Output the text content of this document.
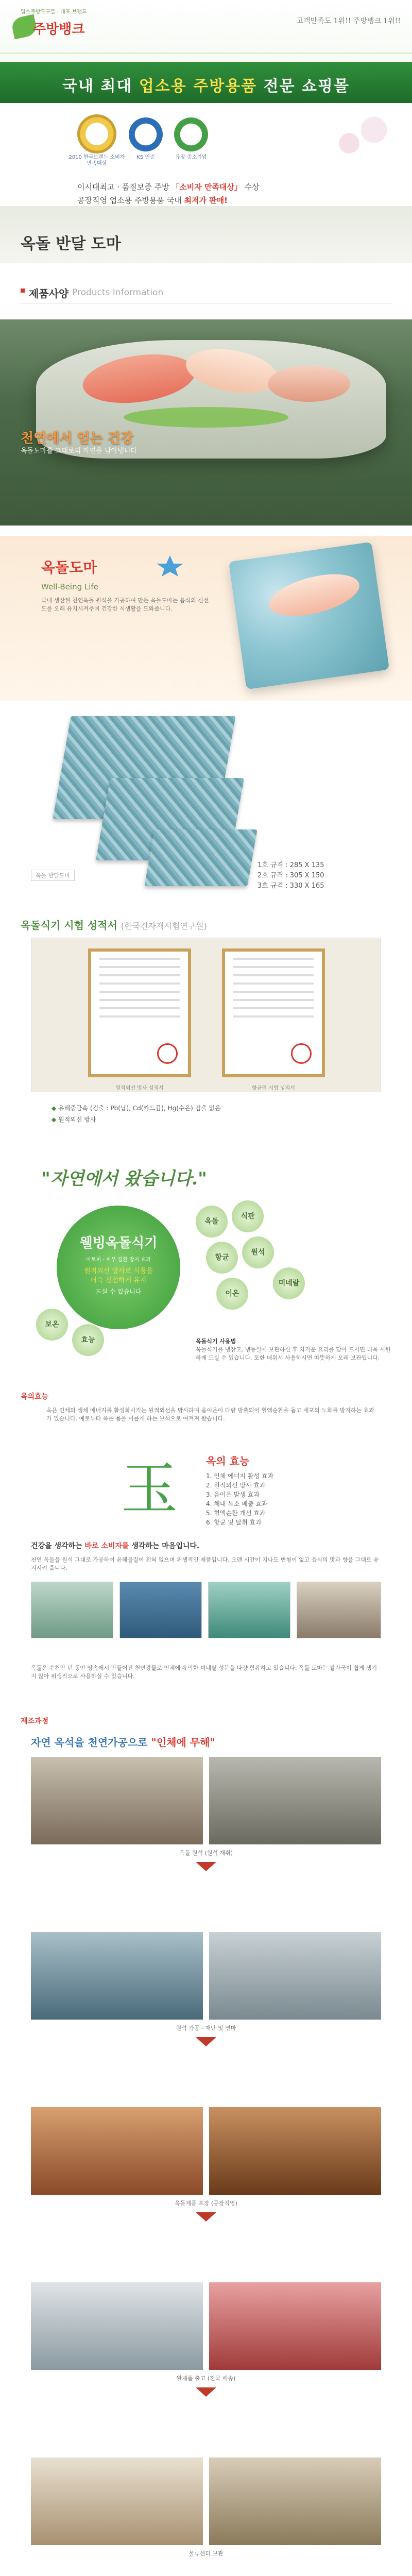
업소주방도구들 · 대표 브랜드
주방뱅크
고객만족도 1위!! 주방뱅크 1위!!
국내 최대 업소용 주방용품 전문 쇼핑몰
2010 한국브랜드 소비자만족대상
KS 인증	유망 중소기업
이시대최고 · 품질보증 주방 「소비자 만족대상」 수상
공장직영 업소용 주방용품 국내 최저가 판매!
옥돌 반달 도마
제품사양 Products Information
천연에서 얻는 건강
옥돌도마를 그대로의 자연을 담아냅니다
옥돌도마
Well-Being Life
국내 생산된 천연옥돌 원석을 가공하여 만든 옥돌도마는 음식의 신선도를 오래 유지시켜주며 건강한 식생활을 도와줍니다.
옥돌 반달도마
1호 규격 : 285 X 135
2호 규격 : 305 X 150
3호 규격 : 330 X 165
옥돌식기 시험 성적서 (한국건자재시험연구원)
원적외선 방사 성적서	항균력 시험 성적서
◆ 유해중금속 (검출 : Pb(납), Cd(카드뮴), Hg(수은) 검출 없음
◆ 원적외선 방사
"자연에서 왔습니다."
웰빙옥돌식기
아토피 · 피부 질환 방지 효과
원적외선 방사로 식품을
더욱 신선하게 유지
드실 수 있습니다
옥돌
식판
항균
원석
이온
보온
효능
미네랄
옥돌식기 사용법
옥돌식기를 냉장고, 냉동실에 보관하신 후 차가운 요리를 담아 드시면 더욱 시원하게 드실 수 있습니다. 또한 데워서 사용하시면 따뜻하게 오래 보관됩니다.
옥의효능
옥은 인체의 생체 에너지를 활성화시키는 원적외선을 방사하며 음이온이 다량 방출되어 혈액순환을 돕고 세포의 노화를 방지하는 효과가 있습니다. 예로부터 옥은 몸을 이롭게 하는 보석으로 여겨져 왔습니다.
玉	옥의 효능
1. 인체 에너지 활성 효과
2. 원적외선 방사 효과
3. 음이온 발생 효과
4. 체내 독소 배출 효과
5. 혈액순환 개선 효과
6. 항균 및 탈취 효과
건강을 생각하는 바로 소비자를 생각하는 마음입니다.
천연 옥돌을 원석 그대로 가공하여 유해물질이 전혀 없으며 위생적인 제품입니다. 오랜 시간이 지나도 변형이 없고 음식의 맛과 향을 그대로 유지시켜 줍니다.
옥돌은 수천만 년 동안 땅속에서 만들어진 천연광물로 인체에 유익한 미네랄 성분을 다량 함유하고 있습니다. 옥돌 도마는 칼자국이 쉽게 생기지 않아 위생적으로 사용하실 수 있습니다.
제조과정
자연 옥석을 천연가공으로 "인체에 무해"
옥돌 원석 (원석 재취)
원석 가공 - 재단 및 연마
옥돌제품 포장 (공장직영)
완제품 출고 (전국 배송)
물류센터 보관
